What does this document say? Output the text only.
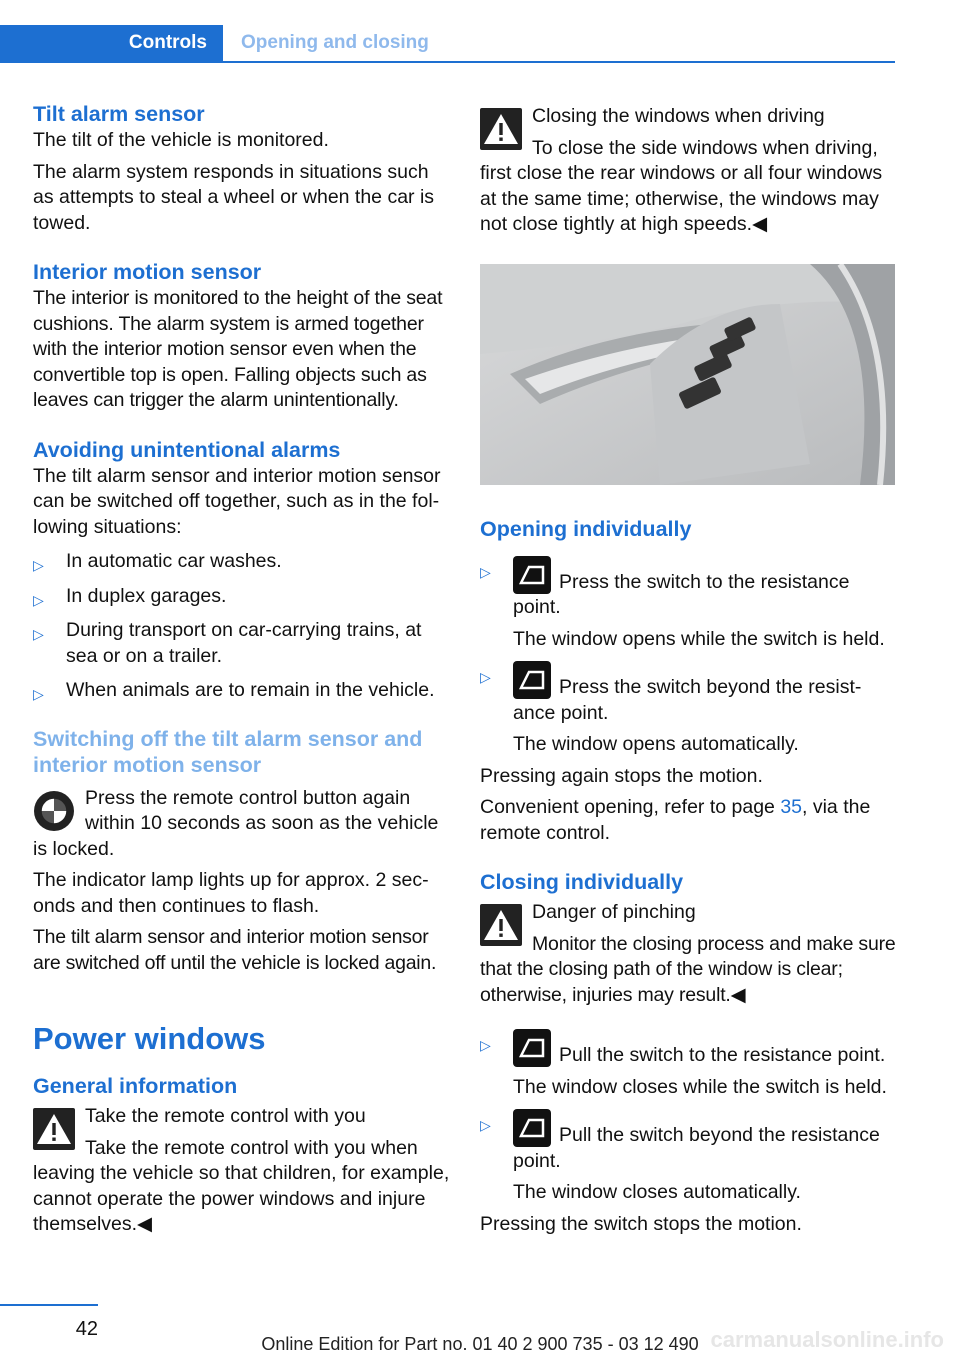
Controls	Opening and closing
Tilt alarm sensor

The tilt of the vehicle is monitored.

The alarm system responds in situations such as attempts to steal a wheel or when the car is towed.

Interior motion sensor

The interior is monitored to the height of the seat cushions. The alarm system is armed together with the interior motion sensor even when the convertible top is open. Falling objects such as leaves can trigger the alarm unintentionally.

Avoiding unintentional alarms

The tilt alarm sensor and interior motion sensor can be switched off together, such as in the fol‐lowing situations:

▷ In automatic car washes.
▷ In duplex garages.
▷ During transport on car-carrying trains, at sea or on a trailer.
▷ When animals are to remain in the vehicle.
Switching off the tilt alarm sensor and interior motion sensor

Press the remote control button again within 10 seconds as soon as the vehicle is locked.

The indicator lamp lights up for approx. 2 sec‐onds and then continues to flash.

The tilt alarm sensor and interior motion sensor are switched off until the vehicle is locked again.

Power windows
General information

Take the remote control with you

Take the remote control with you when leaving the vehicle so that children, for example, cannot operate the power windows and injure themselves.◀

Closing the windows when driving

To close the side windows when driving, first close the rear windows or all four windows at the same time; otherwise, the windows may not close tightly at high speeds.◀

Opening individually
▷	Press the switch to the resistance point.
The window opens while the switch is held.
▷	Press the switch beyond the resist‐ance point.
The window opens automatically.

Pressing again stops the motion.

Convenient opening, refer to page 35, via the remote control.

Closing individually

Danger of pinching

Monitor the closing process and make sure that the closing path of the window is clear; otherwise, injuries may result.◀

▷	Pull the switch to the resistance point.
The window closes while the switch is held.
▷	Pull the switch beyond the resistance point.
The window closes automatically.

Pressing the switch stops the motion.

42
Online Edition for Part no. 01 40 2 900 735 - 03 12 490 carmanualsonline.info
